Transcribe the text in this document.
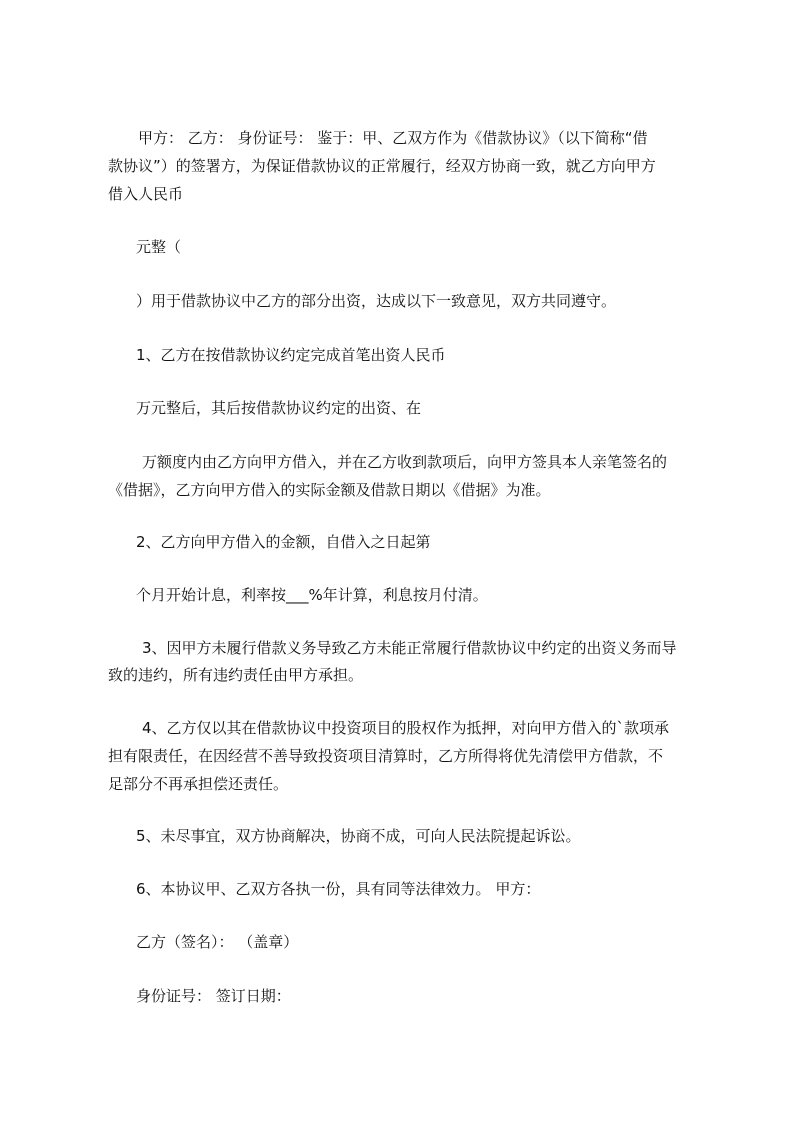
甲方： 乙方： 身份证号： 鉴于：甲、乙双方作为《借款协议》（以下简称“借

款协议”）的签署方，为保证借款协议的正常履行，经双方协商一致，就乙方向甲方

借入人民币

元整（

）用于借款协议中乙方的部分出资，达成以下一致意见，双方共同遵守。

1、乙方在按借款协议约定完成首笔出资人民币

万元整后，其后按借款协议约定的出资、在

万额度内由乙方向甲方借入，并在乙方收到款项后，向甲方签具本人亲笔签名的

《借据》，乙方向甲方借入的实际金额及借款日期以《借据》为准。

2、乙方向甲方借入的金额，自借入之日起第

个月开始计息，利率按___%年计算，利息按月付清。

3、因甲方未履行借款义务导致乙方未能正常履行借款协议中约定的出资义务而导

致的违约，所有违约责任由甲方承担。

4、乙方仅以其在借款协议中投资项目的股权作为抵押，对向甲方借入的`款项承

担有限责任，在因经营不善导致投资项目清算时，乙方所得将优先清偿甲方借款，不

足部分不再承担偿还责任。

5、未尽事宜，双方协商解决，协商不成，可向人民法院提起诉讼。

6、本协议甲、乙双方各执一份，具有同等法律效力。 甲方：

乙方（签名）： （盖章）

身份证号： 签订日期：
